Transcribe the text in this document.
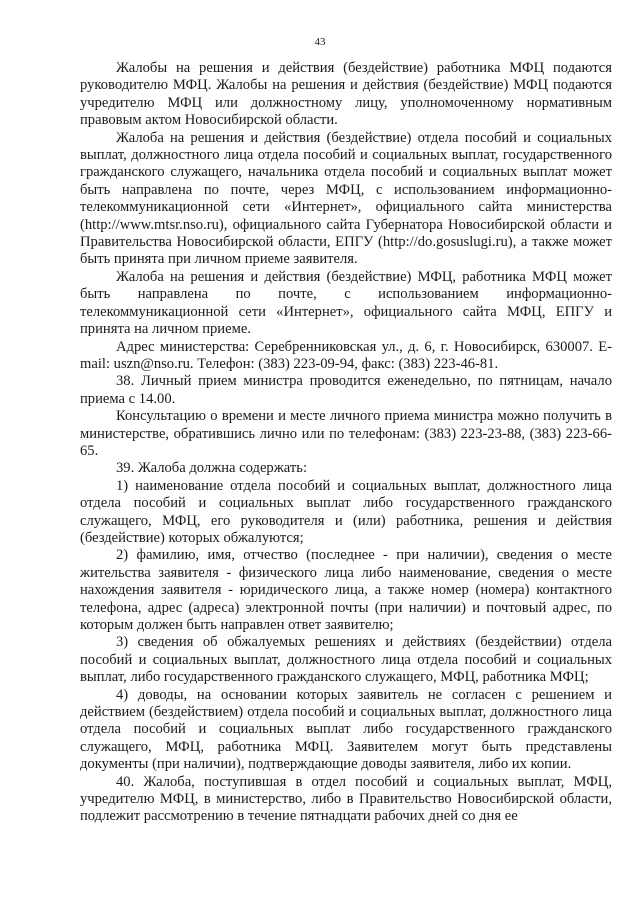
43

Жалобы на решения и действия (бездействие) работника МФЦ подаются руководителю МФЦ. Жалобы на решения и действия (бездействие) МФЦ подаются учредителю МФЦ или должностному лицу, уполномоченному нормативным правовым актом Новосибирской области.

Жалоба на решения и действия (бездействие) отдела пособий и социальных выплат, должностного лица отдела пособий и социальных выплат, государственного гражданского служащего, начальника отдела пособий и социальных выплат может быть направлена по почте, через МФЦ, с использованием информационно-телекоммуникационной сети «Интернет», официального сайта министерства (http://www.mtsr.nso.ru), официального сайта Губернатора Новосибирской области и Правительства Новосибирской области, ЕПГУ (http://do.gosuslugi.ru), а также может быть принята при личном приеме заявителя.

Жалоба на решения и действия (бездействие) МФЦ, работника МФЦ может быть направлена по почте, с использованием информационно-телекоммуникационной сети «Интернет», официального сайта МФЦ, ЕПГУ и принята на личном приеме.

Адрес министерства: Серебренниковская ул., д. 6, г. Новосибирск, 630007. E-mail: uszn@nso.ru. Телефон: (383) 223-09-94, факс: (383) 223-46-81.

38. Личный прием министра проводится еженедельно, по пятницам, начало приема с 14.00.

Консультацию о времени и месте личного приема министра можно получить в министерстве, обратившись лично или по телефонам: (383) 223-23-88, (383) 223-66-65.

39. Жалоба должна содержать:

1) наименование отдела пособий и социальных выплат, должностного лица отдела пособий и социальных выплат либо государственного гражданского служащего, МФЦ, его руководителя и (или) работника, решения и действия (бездействие) которых обжалуются;

2) фамилию, имя, отчество (последнее - при наличии), сведения о месте жительства заявителя - физического лица либо наименование, сведения о месте нахождения заявителя - юридического лица, а также номер (номера) контактного телефона, адрес (адреса) электронной почты (при наличии) и почтовый адрес, по которым должен быть направлен ответ заявителю;

3) сведения об обжалуемых решениях и действиях (бездействии) отдела пособий и социальных выплат, должностного лица отдела пособий и социальных выплат, либо государственного гражданского служащего, МФЦ, работника МФЦ;

4) доводы, на основании которых заявитель не согласен с решением и действием (бездействием) отдела пособий и социальных выплат, должностного лица отдела пособий и социальных выплат либо государственного гражданского служащего, МФЦ, работника МФЦ. Заявителем могут быть представлены документы (при наличии), подтверждающие доводы заявителя, либо их копии.

40. Жалоба, поступившая в отдел пособий и социальных выплат, МФЦ, учредителю МФЦ, в министерство, либо в Правительство Новосибирской области, подлежит рассмотрению в течение пятнадцати рабочих дней со дня ее
